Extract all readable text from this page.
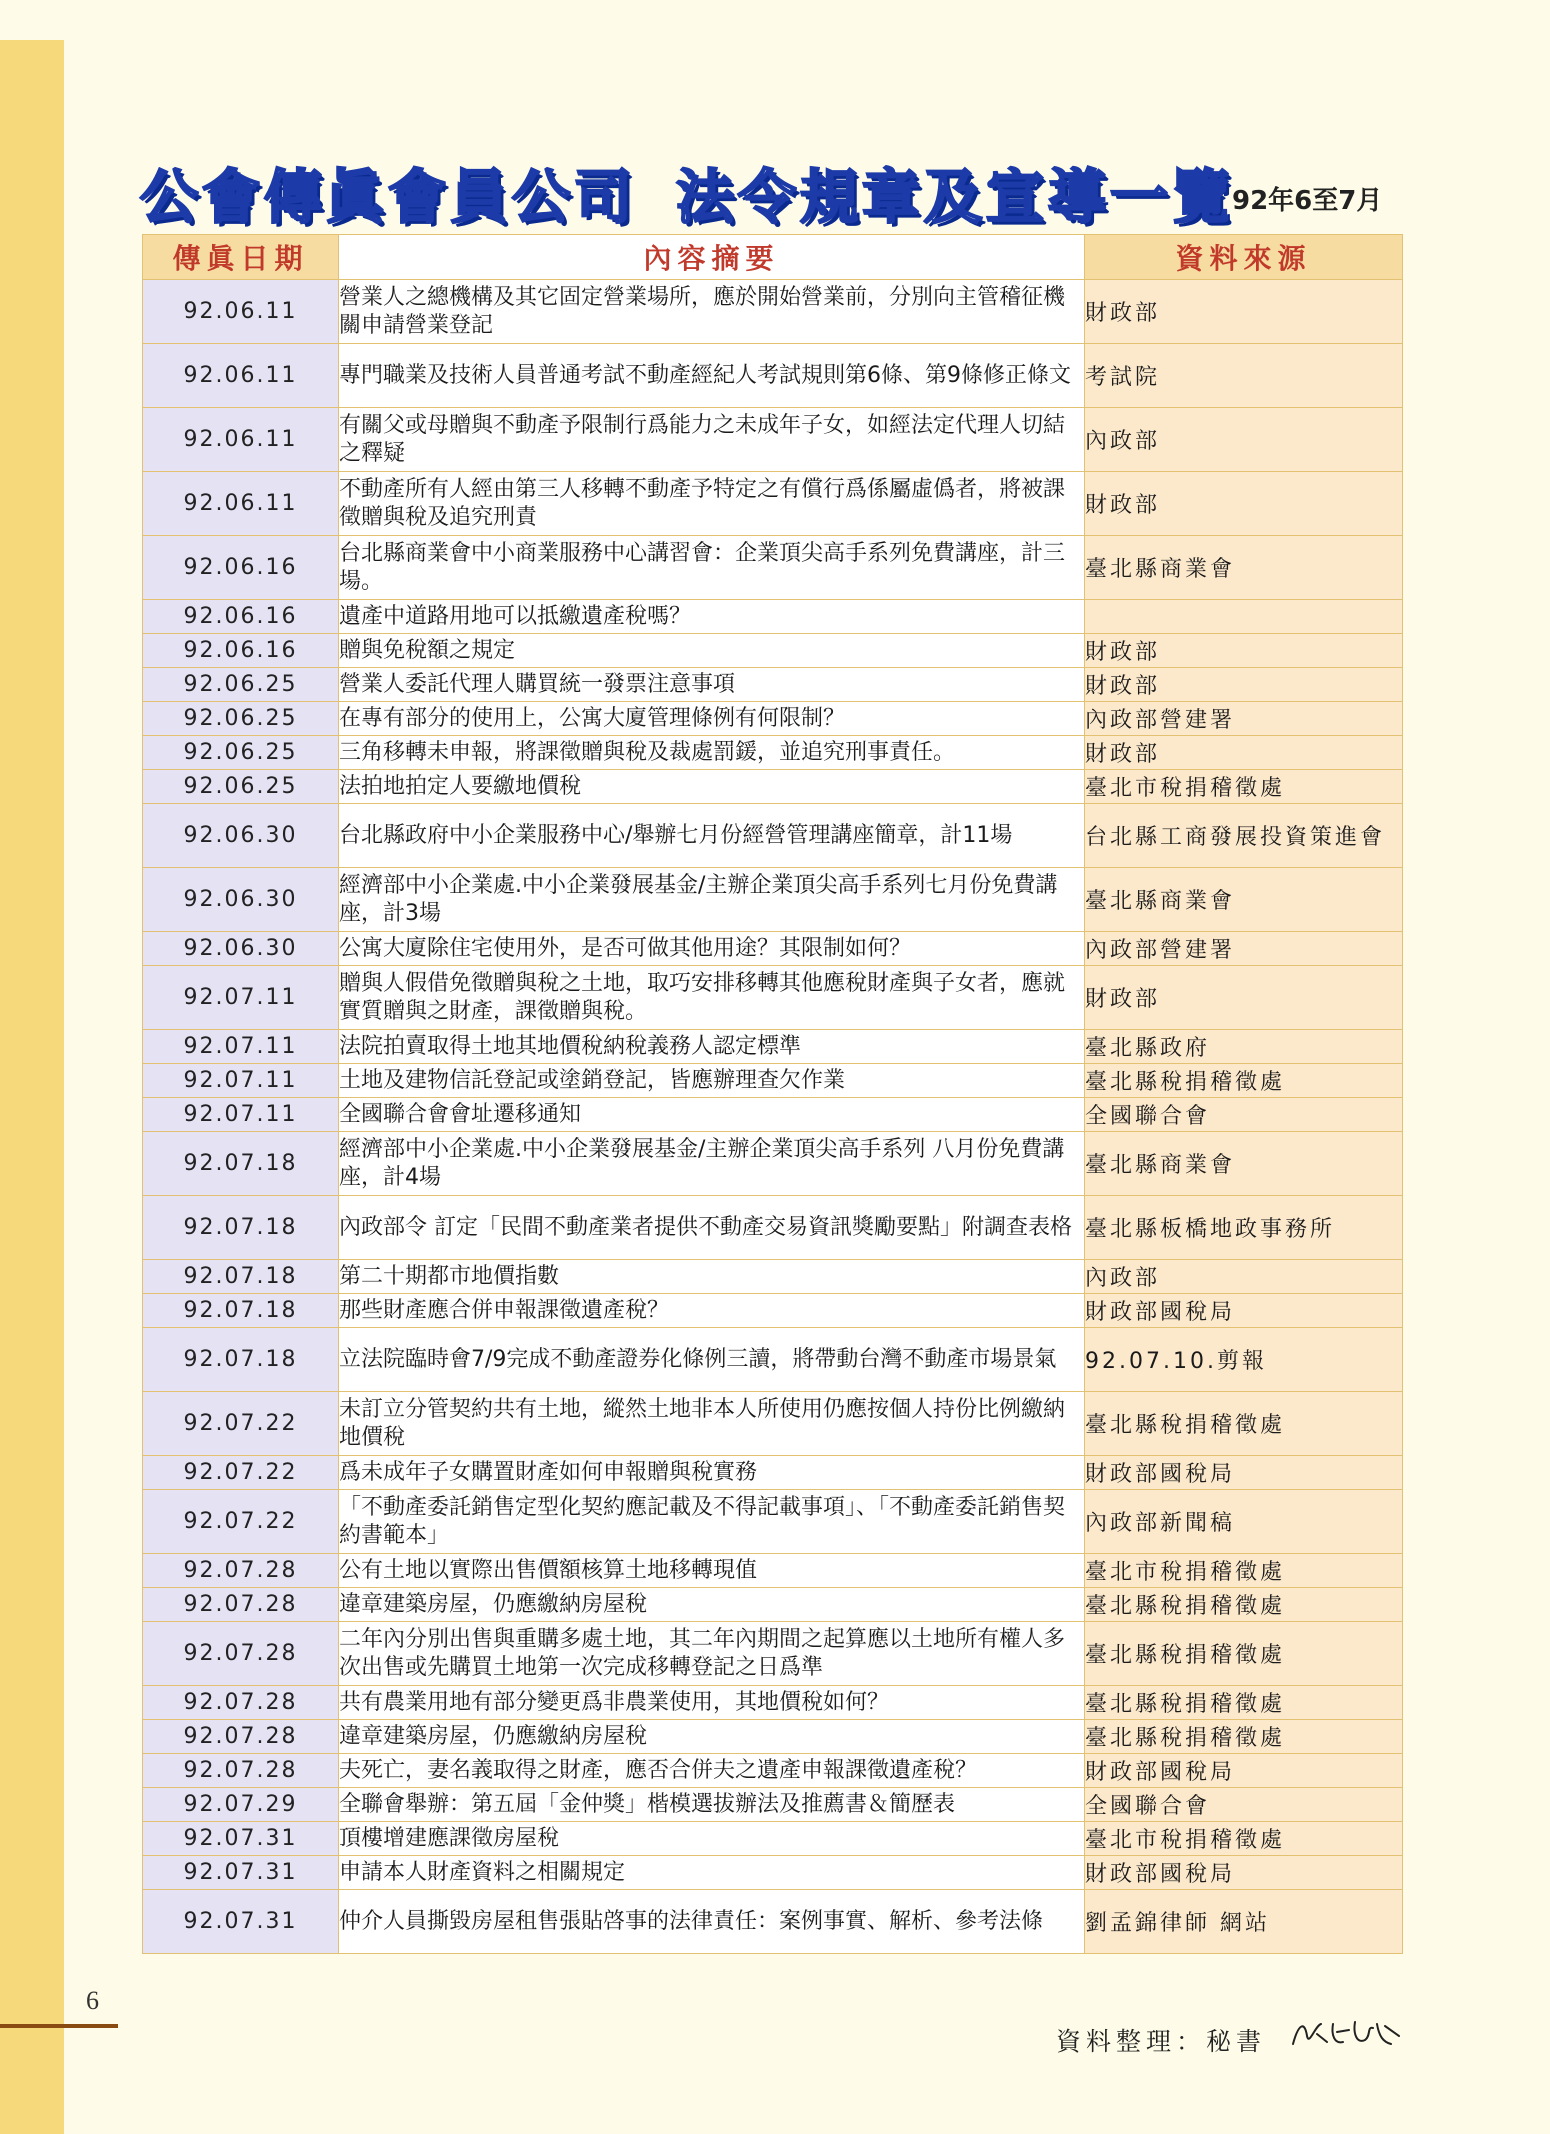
公會傳眞會員公司 法令規章及宣導一覽
92年6至7月
傳眞日期	內容摘要	資料來源
92.06.11	營業人之總機構及其它固定營業場所，應於開始營業前，分別向主管稽征機關申請營業登記	財政部
92.06.11	專門職業及技術人員普通考試不動產經紀人考試規則第6條、第9條修正條文	考試院
92.06.11	有關父或母贈與不動產予限制行爲能力之未成年子女，如經法定代理人切結之釋疑	內政部
92.06.11	不動產所有人經由第三人移轉不動產予特定之有償行爲係屬虛僞者，將被課徵贈與稅及追究刑責	財政部
92.06.16	台北縣商業會中小商業服務中心講習會：企業頂尖高手系列免費講座，計三場。	臺北縣商業會
92.06.16	遺產中道路用地可以抵繳遺產稅嗎？	
92.06.16	贈與免稅額之規定	財政部
92.06.25	營業人委託代理人購買統一發票注意事項	財政部
92.06.25	在專有部分的使用上，公寓大廈管理條例有何限制？	內政部營建署
92.06.25	三角移轉未申報，將課徵贈與稅及裁處罰鍰，並追究刑事責任。	財政部
92.06.25	法拍地拍定人要繳地價稅	臺北市稅捐稽徵處
92.06.30	台北縣政府中小企業服務中心/舉辦七月份經營管理講座簡章，計11場	台北縣工商發展投資策進會
92.06.30	經濟部中小企業處.中小企業發展基金/主辦企業頂尖高手系列七月份免費講座，計3場	臺北縣商業會
92.06.30	公寓大廈除住宅使用外，是否可做其他用途？其限制如何？	內政部營建署
92.07.11	贈與人假借免徵贈與稅之土地，取巧安排移轉其他應稅財產與子女者，應就實質贈與之財產，課徵贈與稅。	財政部
92.07.11	法院拍賣取得土地其地價稅納稅義務人認定標準	臺北縣政府
92.07.11	土地及建物信託登記或塗銷登記，皆應辦理查欠作業	臺北縣稅捐稽徵處
92.07.11	全國聯合會會址遷移通知	全國聯合會
92.07.18	經濟部中小企業處.中小企業發展基金/主辦企業頂尖高手系列 八月份免費講座，計4場	臺北縣商業會
92.07.18	內政部令 訂定「民間不動產業者提供不動產交易資訊獎勵要點」附調查表格	臺北縣板橋地政事務所
92.07.18	第二十期都市地價指數	內政部
92.07.18	那些財產應合併申報課徵遺產稅？	財政部國稅局
92.07.18	立法院臨時會7/9完成不動產證券化條例三讀，將帶動台灣不動產市場景氣	92.07.10.剪報
92.07.22	未訂立分管契約共有土地，縱然土地非本人所使用仍應按個人持份比例繳納地價稅	臺北縣稅捐稽徵處
92.07.22	爲未成年子女購置財產如何申報贈與稅實務	財政部國稅局
92.07.22	「不動產委託銷售定型化契約應記載及不得記載事項」、「不動產委託銷售契約書範本」	內政部新聞稿
92.07.28	公有土地以實際出售價額核算土地移轉現值	臺北市稅捐稽徵處
92.07.28	違章建築房屋，仍應繳納房屋稅	臺北縣稅捐稽徵處
92.07.28	二年內分別出售與重購多處土地，其二年內期間之起算應以土地所有權人多次出售或先購買土地第一次完成移轉登記之日爲準	臺北縣稅捐稽徵處
92.07.28	共有農業用地有部分變更爲非農業使用，其地價稅如何？	臺北縣稅捐稽徵處
92.07.28	違章建築房屋，仍應繳納房屋稅	臺北縣稅捐稽徵處
92.07.28	夫死亡，妻名義取得之財產，應否合併夫之遺產申報課徵遺產稅？	財政部國稅局
92.07.29	全聯會舉辦：第五屆「金仲獎」楷模選拔辦法及推薦書＆簡歷表	全國聯合會
92.07.31	頂樓增建應課徵房屋稅	臺北市稅捐稽徵處
92.07.31	申請本人財產資料之相關規定	財政部國稅局
92.07.31	仲介人員撕毀房屋租售張貼啓事的法律責任：案例事實、解析、參考法條	劉孟錦律師 網站
6
資料整理：秘書
